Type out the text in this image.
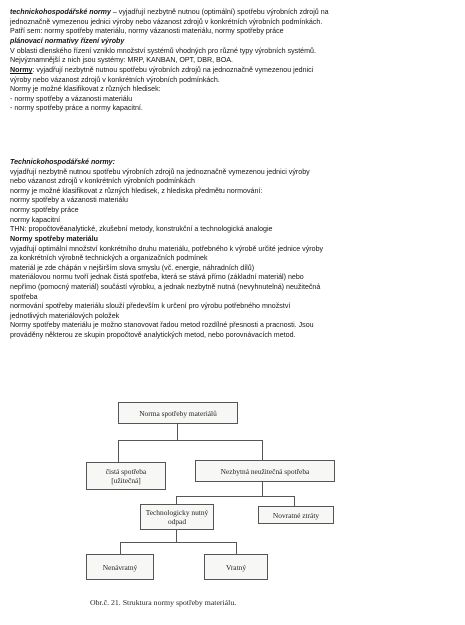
technickohospodářské normy – vyjadřují nezbytně nutnou (optimální) spotřebu výrobních zdrojů na

jednoznačně vymezenou jednici výroby nebo vázanost zdrojů v konkrétních výrobních podmínkách.

Patří sem: normy spotřeby materiálu, normy vázanosti materiálu, normy spotřeby práce

plánovací normativy řízení výroby

V oblasti dlenského řízení vzniklo množství systémů vhodných pro různé typy výrobních systémů.

Nejvýznamnější z nich jsou systémy: MRP, KANBAN, OPT, DBR, BOA.

Normy: vyjadřují nezbytně nutnou spotřebu výrobních zdrojů na jednoznačně vymezenou jednici

výroby nebo vázanost zdrojů v konkrétních výrobních podmínkách.

Normy je možné klasifikovat z různých hledisek:

- normy spotřeby a vázanosti materiálu

- normy spotřeby práce a normy kapacitní.

Technickohospodářské normy:

vyjadřují nezbytně nutnou spotřebu výrobních zdrojů na jednoznačně vymezenou jednici výroby

nebo vázanost zdrojů v konkrétních výrobních podmínkách

normy je možné klasifikovat z různých hledisek, z hlediska předmětu normování:

normy spotřeby a vázanosti materiálu

normy spotřeby práce

normy kapacitní

THN: propočtověanalytické, zkušební metody, konstrukční a technologická analogie

Normy spotřeby materiálu

vyjadřují optimální množství konkrétního druhu materiálu, potřebného k výrobě určité jednice výroby

za konkrétních výrobně technických a organizačních podmínek

materiál je zde chápán v nejširším slova smyslu (vč. energie, náhradních dílů)

materiálovou normu tvoří jednak čistá spotřeba, která se stává přímo (základní materiál) nebo

nepřímo (pomocný materiál) součástí výrobku, a jednak nezbytně nutná (nevyhnutelná) neužitečná

spotřeba

normování spotřeby materiálu slouží především k určení pro výrobu potřebného množství

jednotlivých materiálových položek

Normy spotřeby materiálu je možno stanovovat řadou metod rozdílné přesnosti a pracnosti. Jsou

prováděny některou ze skupin propočtově analytických metod, nebo porovnávacích metod.

Norma spotřeby materiálů
čistá spotřeba
[užitečná]
Nezbytná neužitečná spotřeba
Technologicky nutný
odpad
Novratné ztráty
Nenávratný	Vratný
Obr.č. 21. Struktura normy spotřeby materiálu.
